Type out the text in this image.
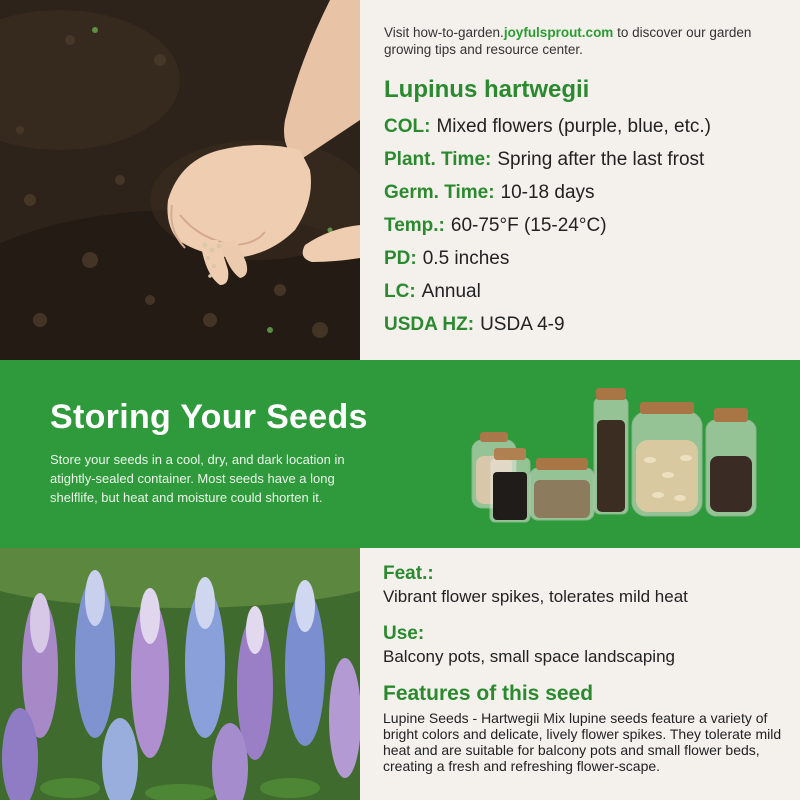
Visit how-to-garden.joyfulsprout.com to discover our garden growing tips and resource center.

Lupinus hartwegii
COL: Mixed flowers (purple, blue, etc.)
Plant. Time: Spring after the last frost
Germ. Time: 10-18 days
Temp.: 60-75°F (15-24°C)
PD: 0.5 inches
LC: Annual
USDA HZ: USDA 4-9
Storing Your Seeds

Store your seeds in a cool, dry, and dark location in atightly-sealed container. Most seeds have a long shelflife, but heat and moisture could shorten it.

Feat.:

Vibrant flower spikes, tolerates mild heat

Use:

Balcony pots, small space landscaping

Features of this seed

Lupine Seeds - Hartwegii Mix lupine seeds feature a variety of bright colors and delicate, lively flower spikes. They tolerate mild heat and are suitable for balcony pots and small flower beds, creating a fresh and refreshing flower-scape.
